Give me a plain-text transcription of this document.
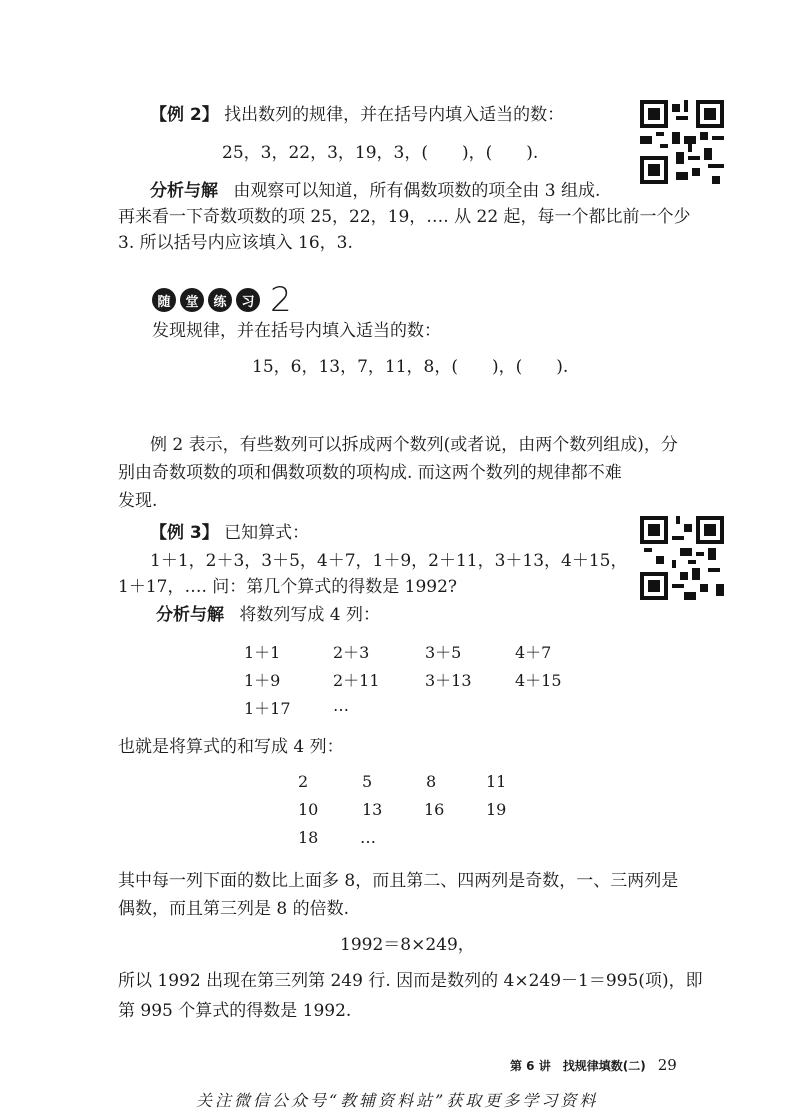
【例 2】 找出数列的规律，并在括号内填入适当的数：
25，3，22，3，19，3，(　　)，(　　).
分析与解 由观察可以知道，所有偶数项数的项全由 3 组成.
再来看一下奇数项数的项 25，22，19，…. 从 22 起，每一个都比前一个少
3. 所以括号内应该填入 16，3.
随	堂	练	习 2
发现规律，并在括号内填入适当的数：
15，6，13，7，11，8，(　　)，(　　).
例 2 表示，有些数列可以拆成两个数列(或者说，由两个数列组成)，分
别由奇数项数的项和偶数项数的项构成. 而这两个数列的规律都不难
发现.
【例 3】 已知算式：
1＋1，2＋3，3＋5，4＋7，1＋9，2＋11，3＋13，4＋15，
1＋17，…. 问：第几个算式的得数是 1992?
分析与解 将数列写成 4 列：
1＋1	2＋3	3＋5	4＋7
1＋9	2＋11	3＋13	4＋15
1＋17	…
也就是将算式的和写成 4 列：
2	5	8	11
10	13	16	19
18	…
其中每一列下面的数比上面多 8，而且第二、四两列是奇数，一、三两列是
偶数，而且第三列是 8 的倍数.
1992＝8×249，
所以 1992 出现在第三列第 249 行. 因而是数列的 4×249－1＝995(项)，即
第 995 个算式的得数是 1992.
第 6 讲　找规律填数(二) 29
关注微信公众号“教辅资料站”获取更多学习资料
